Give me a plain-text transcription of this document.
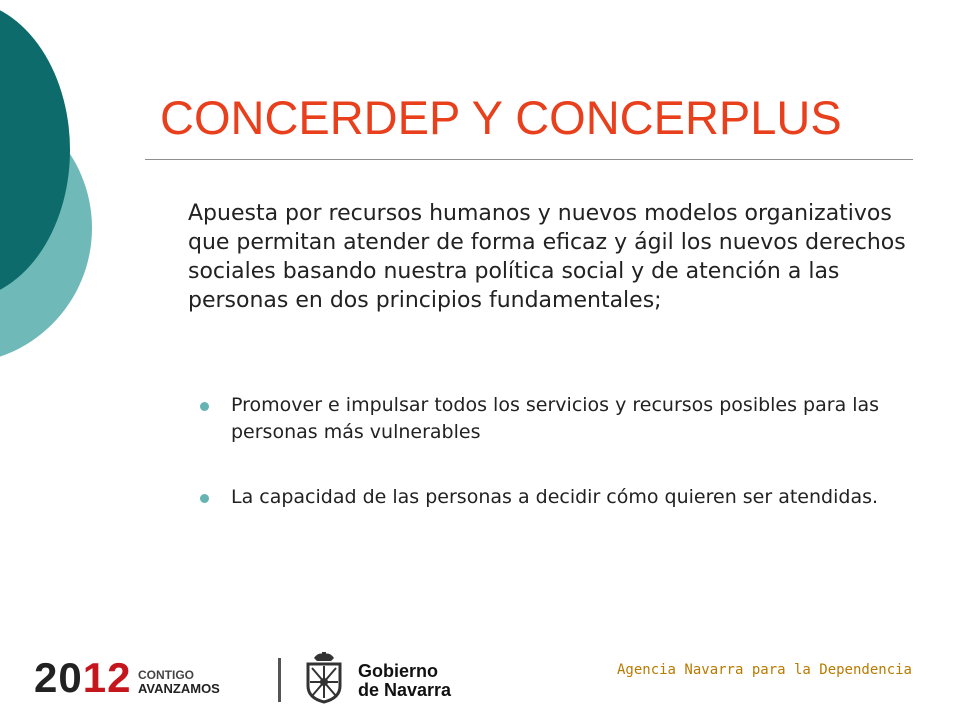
CONCERDEP Y CONCERPLUS

Apuesta por recursos humanos y nuevos modelos organizativos que permitan atender de forma eficaz y ágil los nuevos derechos sociales basando nuestra política social y de atención a las personas en dos principios fundamentales;

Promover e impulsar todos los servicios y recursos posibles para las personas más vulnerables
La capacidad de las personas a decidir cómo quieren ser atendidas.
2012 CONTIGO
AVANZAMOS
Gobierno
de Navarra
Agencia Navarra para la Dependencia
